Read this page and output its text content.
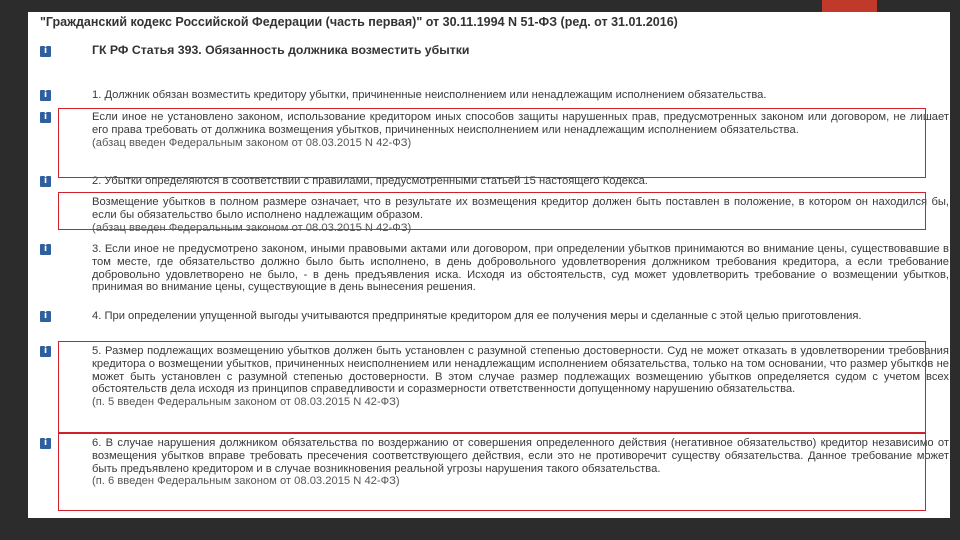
"Гражданский кодекс Российской Федерации (часть первая)" от 30.11.1994 N 51-ФЗ (ред. от 31.01.2016)
i	ГК РФ Статья 393. Обязанность должника возместить убытки
i	1. Должник обязан возместить кредитору убытки, причиненные неисполнением или ненадлежащим исполнением обязательства.
i	Если иное не установлено законом, использование кредитором иных способов защиты нарушенных прав, предусмотренных законом или договором, не лишает его права требовать от должника возмещения убытков, причиненных неисполнением или ненадлежащим исполнением обязательства.
(абзац введен Федеральным законом от 08.03.2015 N 42-ФЗ)
i	2. Убытки определяются в соответствии с правилами, предусмотренными статьей 15 настоящего Кодекса.
Возмещение убытков в полном размере означает, что в результате их возмещения кредитор должен быть поставлен в положение, в котором он находился бы, если бы обязательство было исполнено надлежащим образом.
(абзац введен Федеральным законом от 08.03.2015 N 42-ФЗ)
i	3. Если иное не предусмотрено законом, иными правовыми актами или договором, при определении убытков принимаются во внимание цены, существовавшие в том месте, где обязательство должно было быть исполнено, в день добровольного удовлетворения должником требования кредитора, а если требование добровольно удовлетворено не было, - в день предъявления иска. Исходя из обстоятельств, суд может удовлетворить требование о возмещении убытков, принимая во внимание цены, существующие в день вынесения решения.
i	4. При определении упущенной выгоды учитываются предпринятые кредитором для ее получения меры и сделанные с этой целью приготовления.
i	5. Размер подлежащих возмещению убытков должен быть установлен с разумной степенью достоверности. Суд не может отказать в удовлетворении требования кредитора о возмещении убытков, причиненных неисполнением или ненадлежащим исполнением обязательства, только на том основании, что размер убытков не может быть установлен с разумной степенью достоверности. В этом случае размер подлежащих возмещению убытков определяется судом с учетом всех обстоятельств дела исходя из принципов справедливости и соразмерности ответственности допущенному нарушению обязательства.
(п. 5 введен Федеральным законом от 08.03.2015 N 42-ФЗ)
i	6. В случае нарушения должником обязательства по воздержанию от совершения определенного действия (негативное обязательство) кредитор независимо от возмещения убытков вправе требовать пресечения соответствующего действия, если это не противоречит существу обязательства. Данное требование может быть предъявлено кредитором и в случае возникновения реальной угрозы нарушения такого обязательства.
(п. 6 введен Федеральным законом от 08.03.2015 N 42-ФЗ)
